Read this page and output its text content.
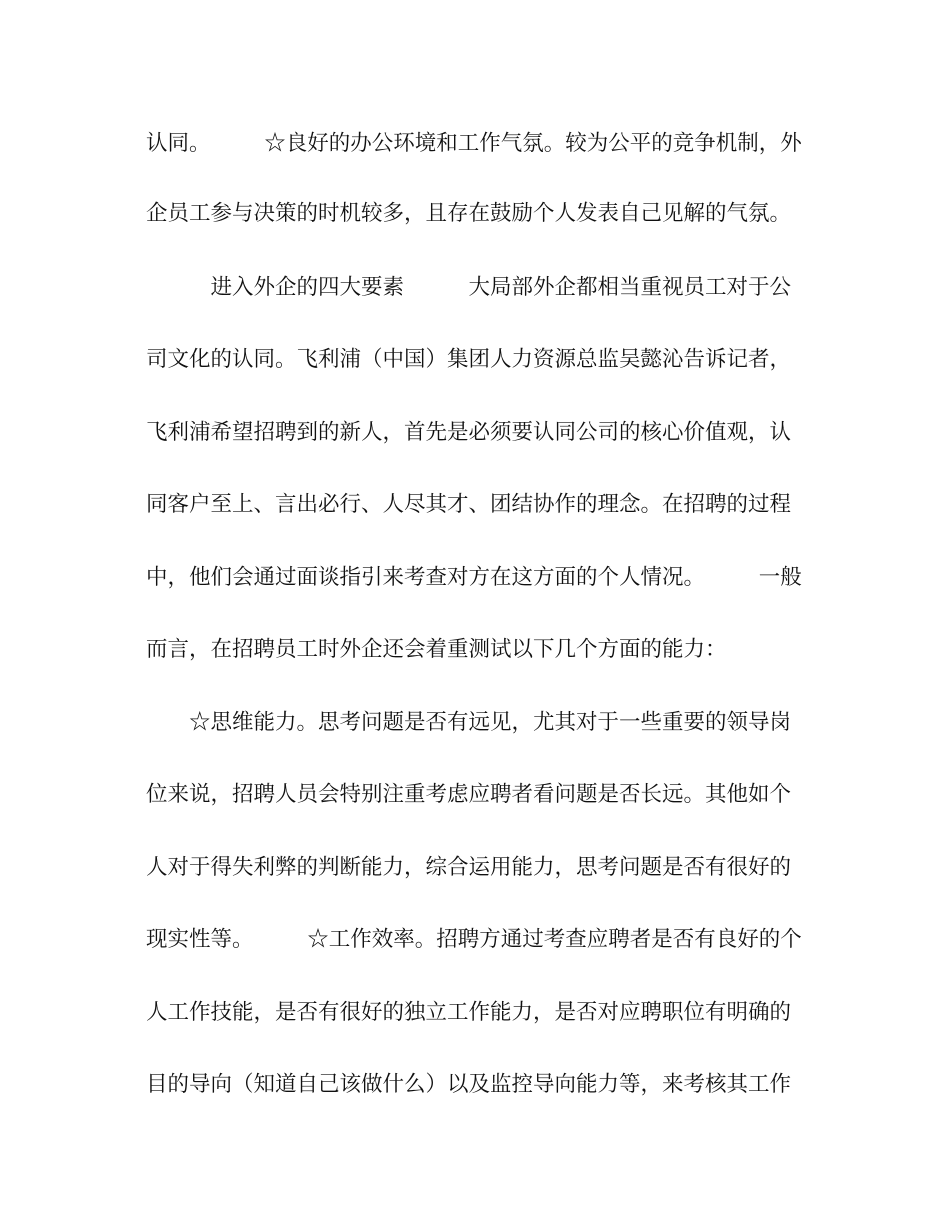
认同。　　　☆良好的办公环境和工作气氛。较为公平的竞争机制，外
企员工参与决策的时机较多，且存在鼓励个人发表自己见解的气氛。
　　　进入外企的四大要素　　　大局部外企都相当重视员工对于公
司文化的认同。飞利浦（中国）集团人力资源总监吴懿沁告诉记者，
飞利浦希望招聘到的新人，首先是必须要认同公司的核心价值观，认
同客户至上、言出必行、人尽其才、团结协作的理念。在招聘的过程
中，他们会通过面谈指引来考查对方在这方面的个人情况。　　　一般
而言，在招聘员工时外企还会着重测试以下几个方面的能力：
　　☆思维能力。思考问题是否有远见，尤其对于一些重要的领导岗
位来说，招聘人员会特别注重考虑应聘者看问题是否长远。其他如个
人对于得失利弊的判断能力，综合运用能力，思考问题是否有很好的
现实性等。　　　☆工作效率。招聘方通过考查应聘者是否有良好的个
人工作技能，是否有很好的独立工作能力，是否对应聘职位有明确的
目的导向（知道自己该做什么）以及监控导向能力等，来考核其工作
